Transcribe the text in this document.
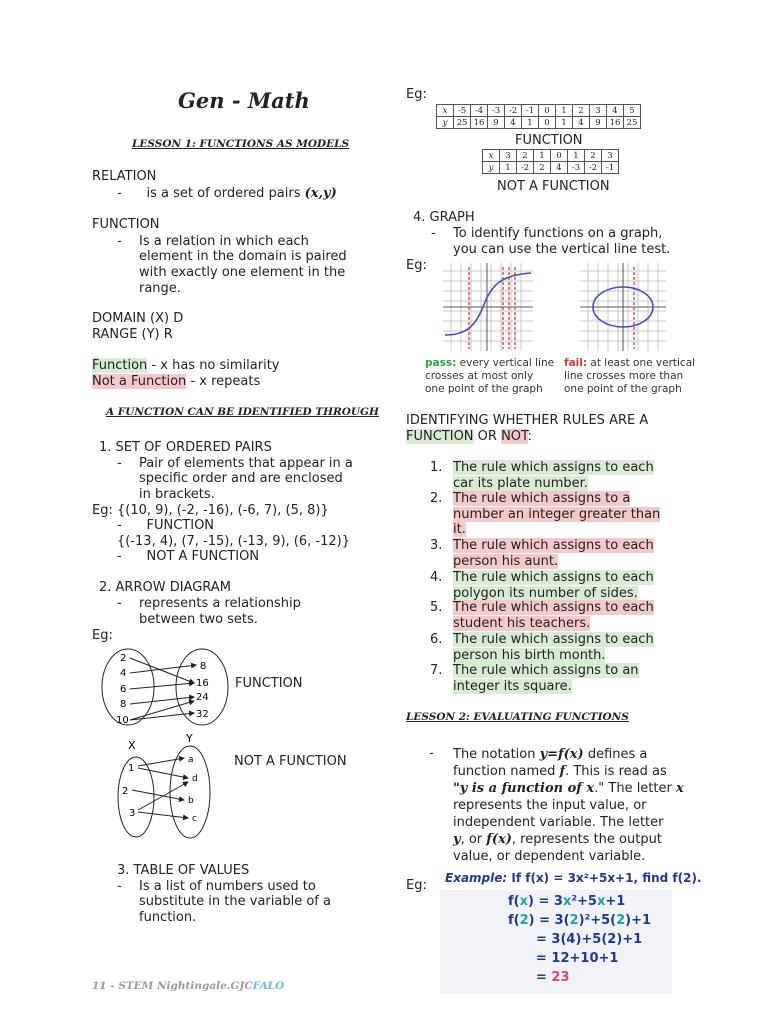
Gen - Math
LESSON 1: FUNCTIONS AS MODELS
RELATION
-      is a set of ordered pairs (x,y)
FUNCTION
- Is a relation in which each
element in the domain is paired
with exactly one element in the
range.
DOMAIN (X) D
RANGE (Y) R
Function - x has no similarity
Not a Function - x repeats
A FUNCTION CAN BE IDENTIFIED THROUGH
1. SET OF ORDERED PAIRS
- Pair of elements that appear in a
specific order and are enclosed
in brackets.
Eg: {(10, 9), (-2, -16), (-6, 7), (5, 8)}
-      FUNCTION
{(-13, 4), (7, -15), (-13, 9), (6, -12)}
-      NOT A FUNCTION
2. ARROW DIAGRAM
- represents a relationship
between two sets.
Eg:
2
4
6
8
10
8
16
24
32
FUNCTION
X
Y
1
2
3
a
d
b
c
NOT A FUNCTION
3. TABLE OF VALUES
- Is a list of numbers used to
substitute in the variable of a
function.
11 - STEM Nightingale.GJCFALO
Eg:
x	-5	-4	-3	-2	-1	0	1	2	3	4	5
y	25	16	9	4	1	0	1	4	9	16	25
FUNCTION
x	3	2	1	0	1	2	3
y	1	-2	2	4	-3	-2	-1
NOT A FUNCTION
4. GRAPH
- To identify functions on a graph,
you can use the vertical line test.
Eg:
pass: every vertical line
crosses at most only
one point of the graph
fail: at least one vertical
line crosses more than
one point of the graph
IDENTIFYING WHETHER RULES ARE A
FUNCTION OR NOT:
1. The rule which assigns to each
car its plate number.
2. The rule which assigns to a
number an integer greater than
it.
3. The rule which assigns to each
person his aunt.
4. The rule which assigns to each
polygon its number of sides.
5. The rule which assigns to each
student his teachers.
6. The rule which assigns to each
person his birth month.
7. The rule which assigns to an
integer its square.
LESSON 2: EVALUATING FUNCTIONS
- The notation y=f(x) defines a
function named f. This is read as
"y is a function of x." The letter x
represents the input value, or
independent variable. The letter
y, or f(x), represents the output
value, or dependent variable.
Eg: Example: If f(x) = 3x²+5x+1, find f(2).
f(x) = 3x²+5x+1
f(2) = 3(2)²+5(2)+1
= 3(4)+5(2)+1
= 12+10+1
= 23
